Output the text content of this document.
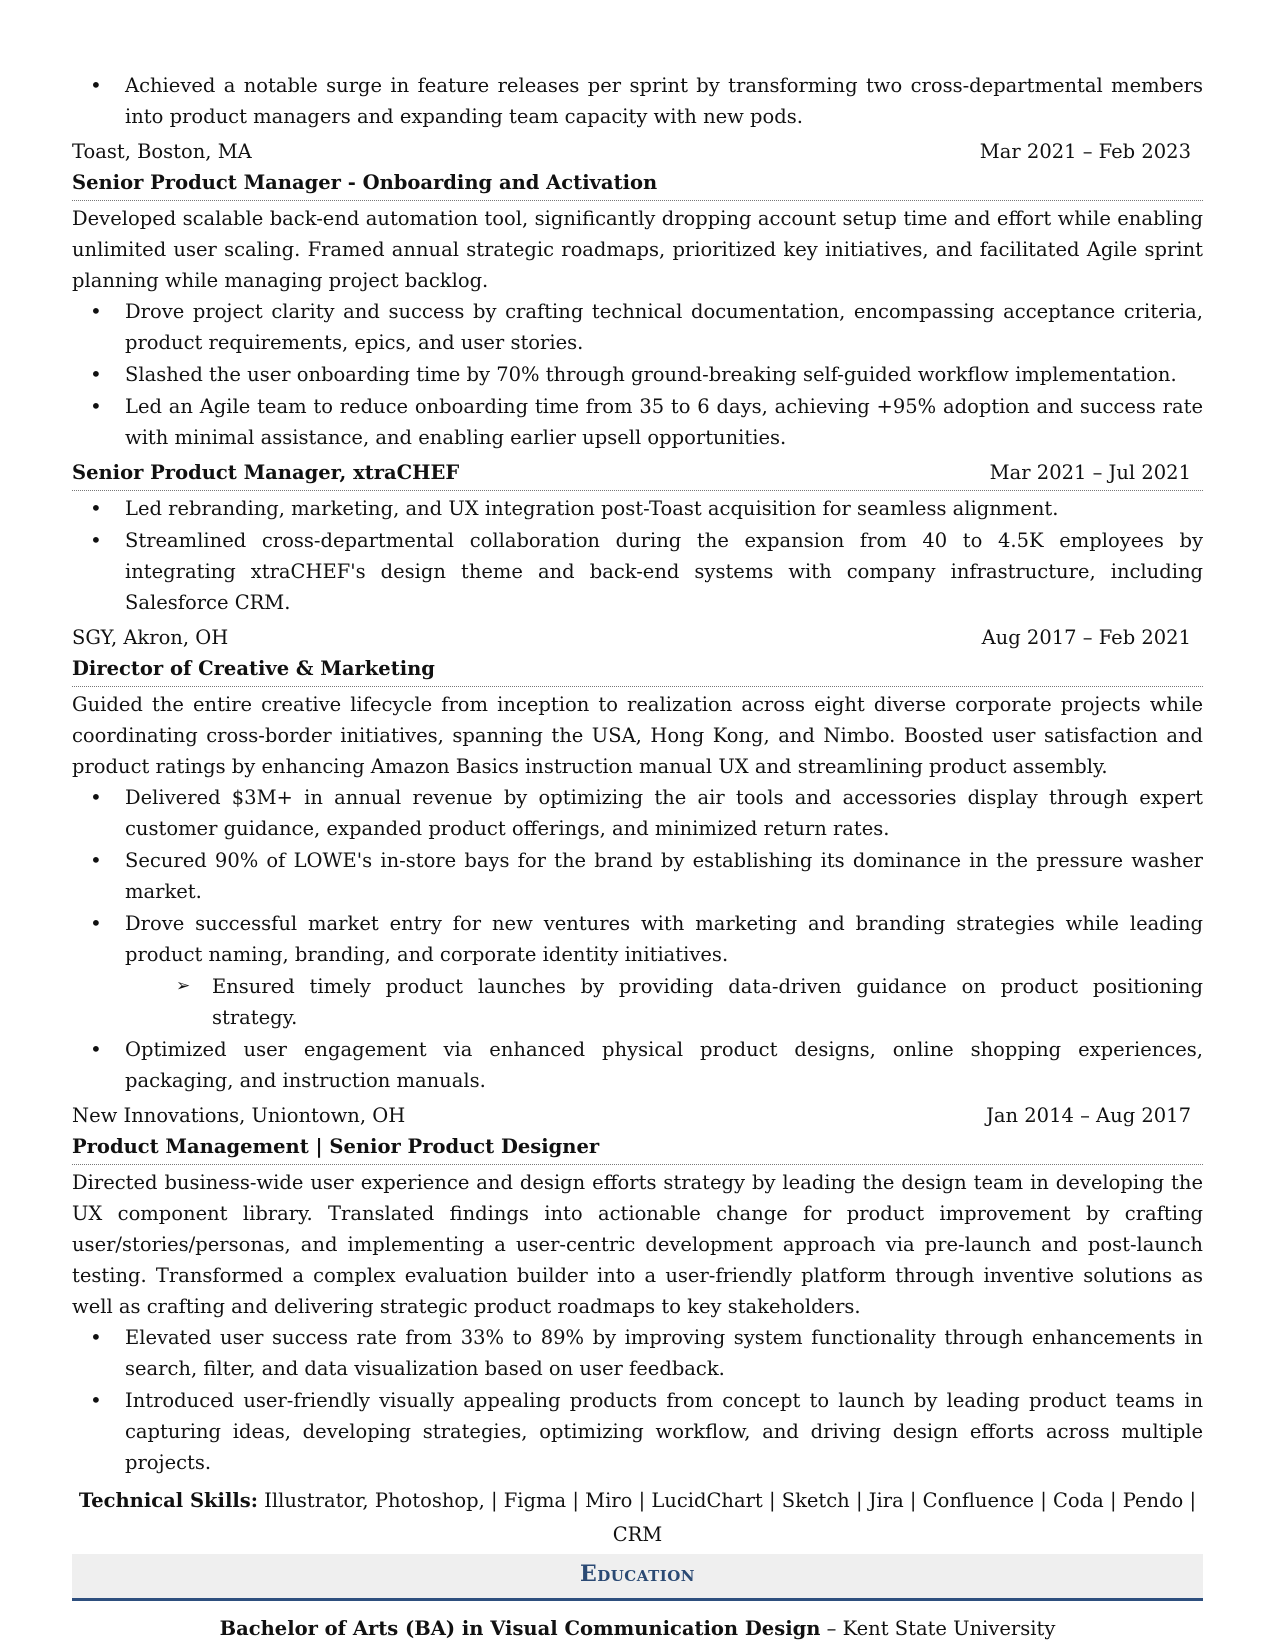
• Achieved a notable surge in feature releases per sprint by transforming two cross-departmental members into product managers and expanding team capacity with new pods.
Toast, Boston, MA	Mar 2021 – Feb 2023
Senior Product Manager - Onboarding and Activation
Developed scalable back-end automation tool, significantly dropping account setup time and effort while enabling unlimited user scaling. Framed annual strategic roadmaps, prioritized key initiatives, and facilitated Agile sprint planning while managing project backlog.
• Drove project clarity and success by crafting technical documentation, encompassing acceptance criteria, product requirements, epics, and user stories.
• Slashed the user onboarding time by 70% through ground-breaking self-guided workflow implementation.
• Led an Agile team to reduce onboarding time from 35 to 6 days, achieving +95% adoption and success rate with minimal assistance, and enabling earlier upsell opportunities.
Senior Product Manager, xtraCHEF	Mar 2021 – Jul 2021
• Led rebranding, marketing, and UX integration post-Toast acquisition for seamless alignment.
• Streamlined cross-departmental collaboration during the expansion from 40 to 4.5K employees by integrating xtraCHEF's design theme and back-end systems with company infrastructure, including Salesforce CRM.
SGY, Akron, OH	Aug 2017 – Feb 2021
Director of Creative & Marketing
Guided the entire creative lifecycle from inception to realization across eight diverse corporate projects while coordinating cross-border initiatives, spanning the USA, Hong Kong, and Nimbo. Boosted user satisfaction and product ratings by enhancing Amazon Basics instruction manual UX and streamlining product assembly.
• Delivered $3M+ in annual revenue by optimizing the air tools and accessories display through expert customer guidance, expanded product offerings, and minimized return rates.
• Secured 90% of LOWE's in-store bays for the brand by establishing its dominance in the pressure washer market.
• Drove successful market entry for new ventures with marketing and branding strategies while leading product naming, branding, and corporate identity initiatives.
➢ Ensured timely product launches by providing data-driven guidance on product positioning strategy.
• Optimized user engagement via enhanced physical product designs, online shopping experiences, packaging, and instruction manuals.
New Innovations, Uniontown, OH	Jan 2014 – Aug 2017
Product Management | Senior Product Designer
Directed business-wide user experience and design efforts strategy by leading the design team in developing the UX component library. Translated findings into actionable change for product improvement by crafting user/stories/personas, and implementing a user-centric development approach via pre-launch and post-launch testing. Transformed a complex evaluation builder into a user-friendly platform through inventive solutions as well as crafting and delivering strategic product roadmaps to key stakeholders.
• Elevated user success rate from 33% to 89% by improving system functionality through enhancements in search, filter, and data visualization based on user feedback.
• Introduced user-friendly visually appealing products from concept to launch by leading product teams in capturing ideas, developing strategies, optimizing workflow, and driving design efforts across multiple projects.
Technical Skills: Illustrator, Photoshop, | Figma | Miro | LucidChart | Sketch | Jira | Confluence | Coda | Pendo | CRM
Education
Bachelor of Arts (BA) in Visual Communication Design – Kent State University
